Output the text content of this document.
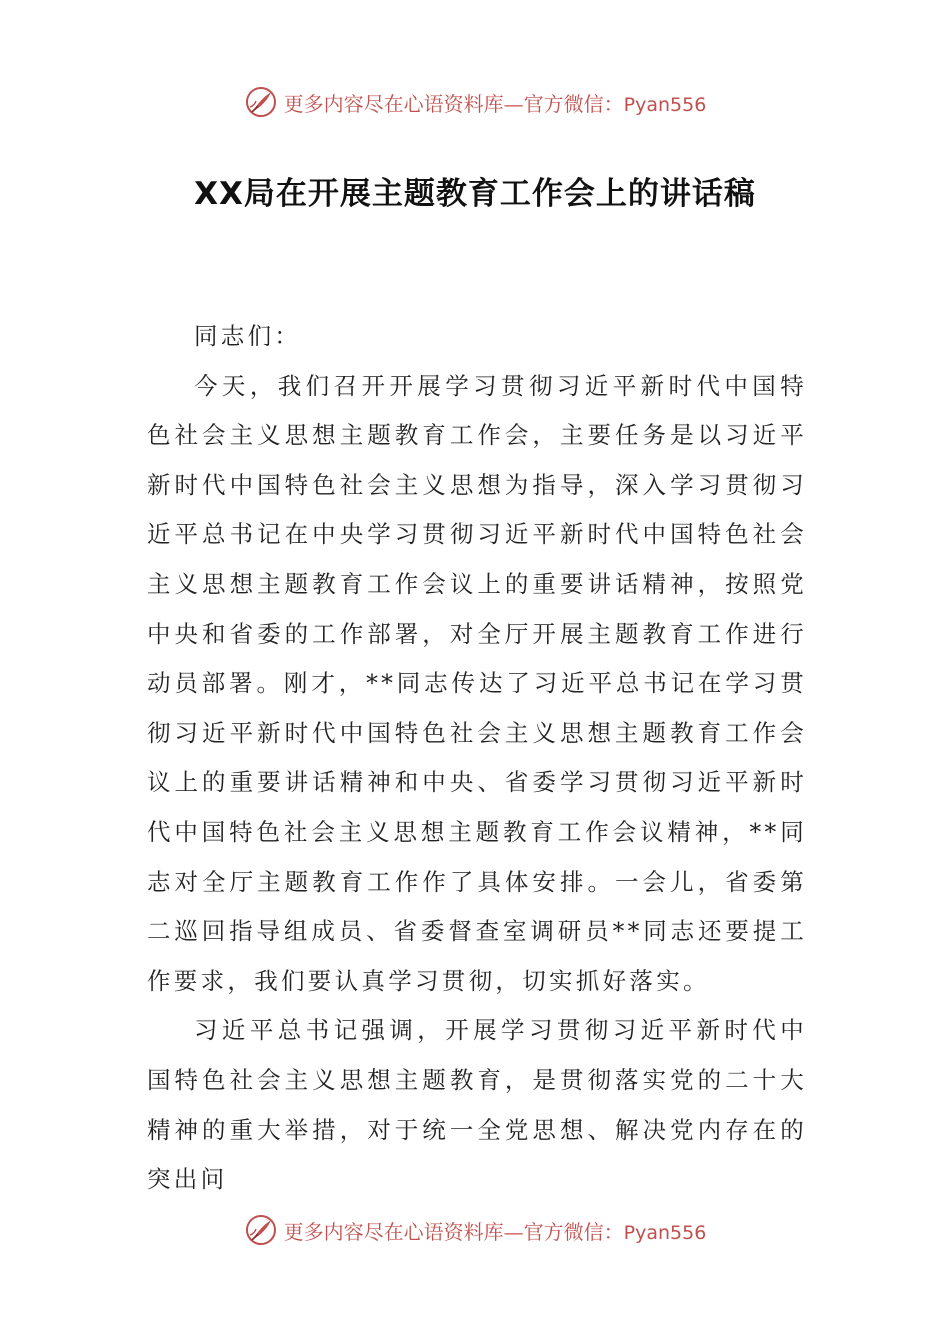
更多内容尽在心语资料库—官方微信：Pyan556
XX局在开展主题教育工作会上的讲话稿

同志们：

今天，我们召开开展学习贯彻习近平新时代中国特色社会主义思想主题教育工作会，主要任务是以习近平新时代中国特色社会主义思想为指导，深入学习贯彻习近平总书记在中央学习贯彻习近平新时代中国特色社会主义思想主题教育工作会议上的重要讲话精神，按照党中央和省委的工作部署，对全厅开展主题教育工作进行动员部署。刚才，**同志传达了习近平总书记在学习贯彻习近平新时代中国特色社会主义思想主题教育工作会议上的重要讲话精神和中央、省委学习贯彻习近平新时代中国特色社会主义思想主题教育工作会议精神，**同志对全厅主题教育工作作了具体安排。一会儿，省委第二巡回指导组成员、省委督查室调研员**同志还要提工作要求，我们要认真学习贯彻，切实抓好落实。

习近平总书记强调，开展学习贯彻习近平新时代中国特色社会主义思想主题教育，是贯彻落实党的二十大精神的重大举措，对于统一全党思想、解决党内存在的突出问

更多内容尽在心语资料库—官方微信：Pyan556
